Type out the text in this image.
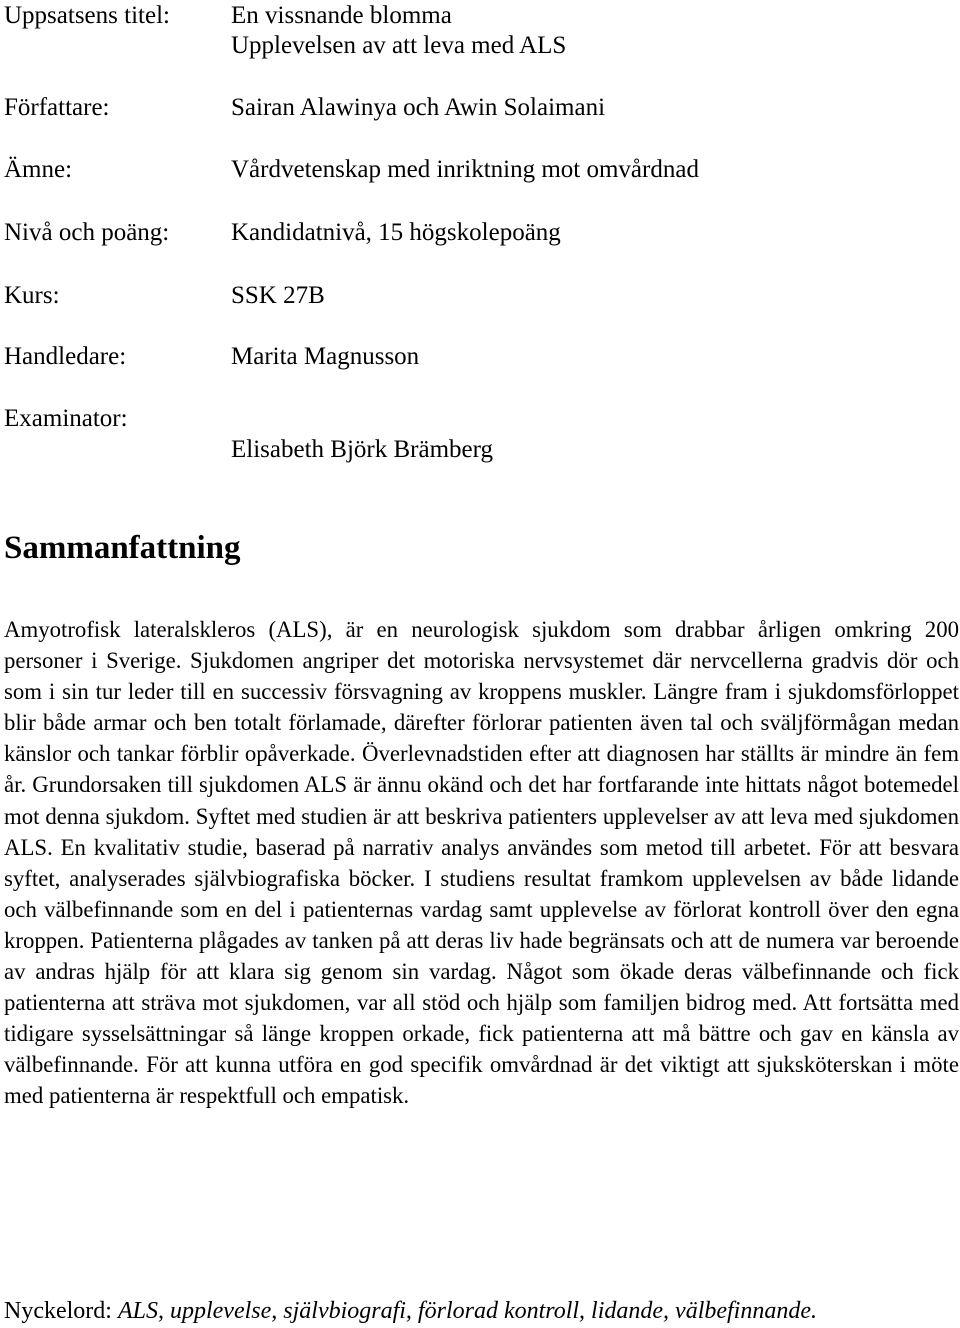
Uppsatsens titel: En vissnande blomma
Upplevelsen av att leva med ALS
Författare:	Sairan Alawinya och Awin Solaimani
Ämne:	Vårdvetenskap med inriktning mot omvårdnad
Nivå och poäng: Kandidatnivå, 15 högskolepoäng
Kurs:	SSK 27B
Handledare:	Marita Magnusson
Examinator:
Elisabeth Björk Brämberg
Sammanfattning

Amyotrofisk lateralskleros (ALS), är en neurologisk sjukdom som drabbar årligen omkring 200 personer i Sverige. Sjukdomen angriper det motoriska nervsystemet där nervcellerna gradvis dör och som i sin tur leder till en successiv försvagning av kroppens muskler. Längre fram i sjukdomsförloppet blir både armar och ben totalt förlamade, därefter förlorar patienten även tal och sväljförmågan medan känslor och tankar förblir opåverkade. Överlevnadstiden efter att diagnosen har ställts är mindre än fem år. Grundorsaken till sjukdomen ALS är ännu okänd och det har fortfarande inte hittats något botemedel mot denna sjukdom. Syftet med studien är att beskriva patienters upplevelser av att leva med sjukdomen ALS. En kvalitativ studie, baserad på narrativ analys användes som metod till arbetet. För att besvara syftet, analyserades självbiografiska böcker. I studiens resultat framkom upplevelsen av både lidande och välbefinnande som en del i patienternas vardag samt upplevelse av förlorat kontroll över den egna kroppen. Patienterna plågades av tanken på att deras liv hade begränsats och att de numera var beroende av andras hjälp för att klara sig genom sin vardag. Något som ökade deras välbefinnande och fick patienterna att sträva mot sjukdomen, var all stöd och hjälp som familjen bidrog med. Att fortsätta med tidigare sysselsättningar så länge kroppen orkade, fick patienterna att må bättre och gav en känsla av välbefinnande. För att kunna utföra en god specifik omvårdnad är det viktigt att sjuksköterskan i möte med patienterna är respektfull och empatisk.

Nyckelord: ALS, upplevelse, självbiografi, förlorad kontroll, lidande, välbefinnande.
